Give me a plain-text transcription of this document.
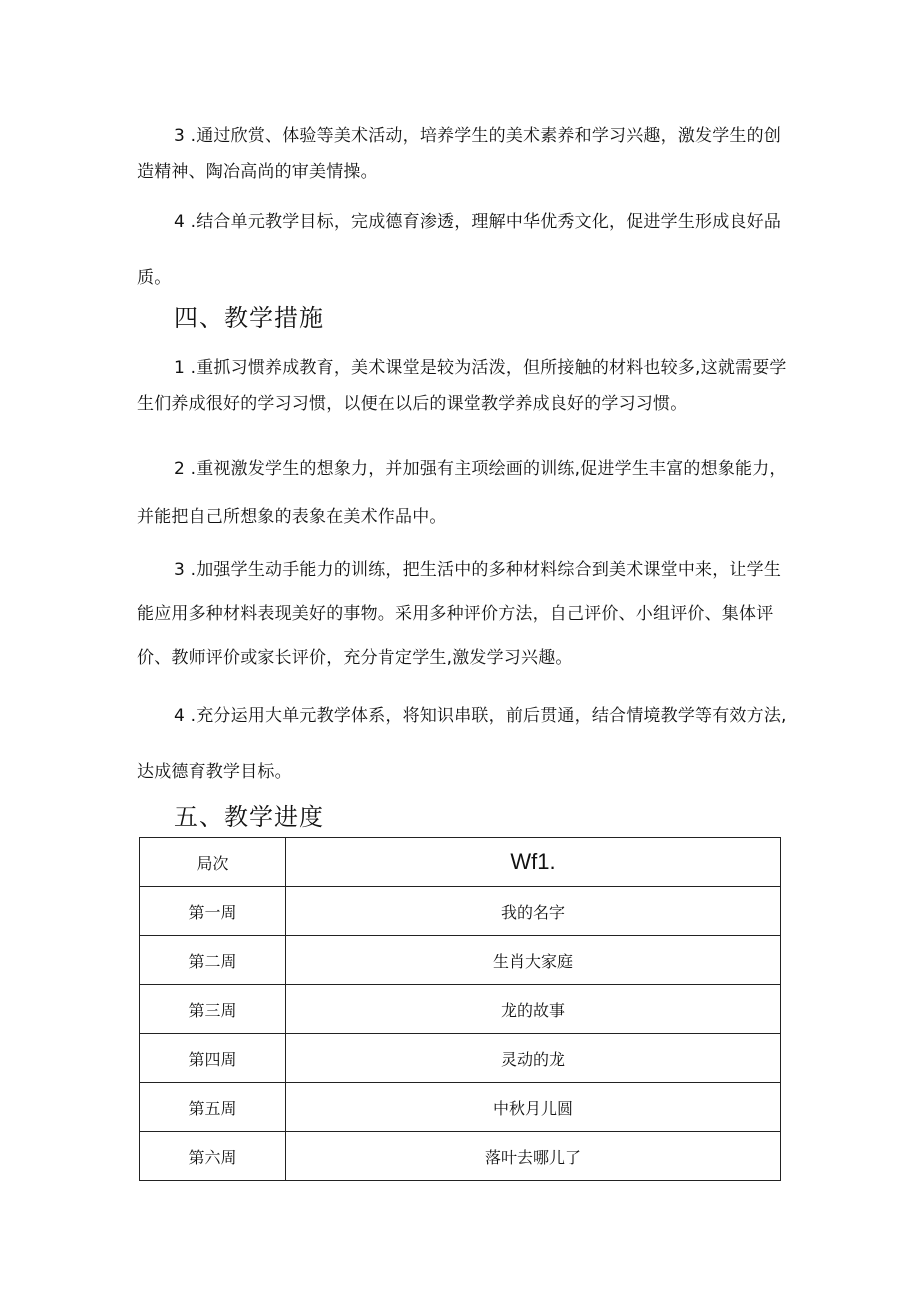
3 .通过欣赏、体验等美术活动，培养学生的美术素养和学习兴趣，激发学生的创造精神、陶冶高尚的审美情操。

4 .结合单元教学目标，完成德育渗透，理解中华优秀文化，促进学生形成良好品质。

四、教学措施

1 .重抓习惯养成教育，美术课堂是较为活泼，但所接触的材料也较多,这就需要学生们养成很好的学习习惯，以便在以后的课堂教学养成良好的学习习惯。

2 .重视激发学生的想象力，并加强有主项绘画的训练,促进学生丰富的想象能力，并能把自己所想象的表象在美术作品中。

3 .加强学生动手能力的训练，把生活中的多种材料综合到美术课堂中来，让学生能应用多种材料表现美好的事物。采用多种评价方法，自己评价、小组评价、集体评价、教师评价或家长评价，充分肯定学生,激发学习兴趣。

4 .充分运用大单元教学体系，将知识串联，前后贯通，结合情境教学等有效方法,达成德育教学目标。

五、教学进度
局次	Wf1.
第一周	我的名字
第二周	生肖大家庭
第三周	龙的故事
第四周	灵动的龙
第五周	中秋月儿圆
第六周	落叶去哪儿了
